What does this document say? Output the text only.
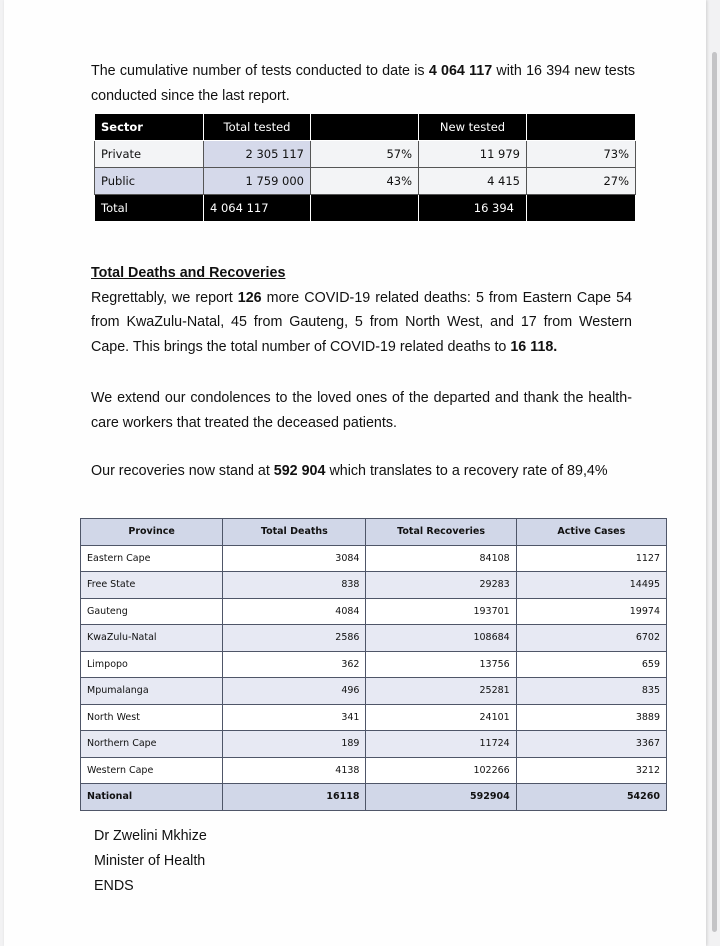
The cumulative number of tests conducted to date is 4 064 117 with 16 394 new tests conducted since the last report.
Sector	Total tested		New tested	
Private	2 305 117	57%	11 979	73%
Public	1 759 000	43%	4 415	27%
Total	4 064 117		16 394	
Total Deaths and Recoveries
Regrettably, we report 126 more COVID-19 related deaths: 5 from Eastern Cape 54 from KwaZulu-Natal, 45 from Gauteng, 5 from North West, and 17 from Western Cape. This brings the total number of COVID-19 related deaths to 16 118.
We extend our condolences to the loved ones of the departed and thank the health-care workers that treated the deceased patients.
Our recoveries now stand at 592 904 which translates to a recovery rate of 89,4%
Province	Total Deaths	Total Recoveries	Active Cases
Eastern Cape	3084	84108	1127
Free State	838	29283	14495
Gauteng	4084	193701	19974
KwaZulu-Natal	2586	108684	6702
Limpopo	362	13756	659
Mpumalanga	496	25281	835
North West	341	24101	3889
Northern Cape	189	11724	3367
Western Cape	4138	102266	3212
National	16118	592904	54260
Dr Zwelini Mkhize
Minister of Health
ENDS
